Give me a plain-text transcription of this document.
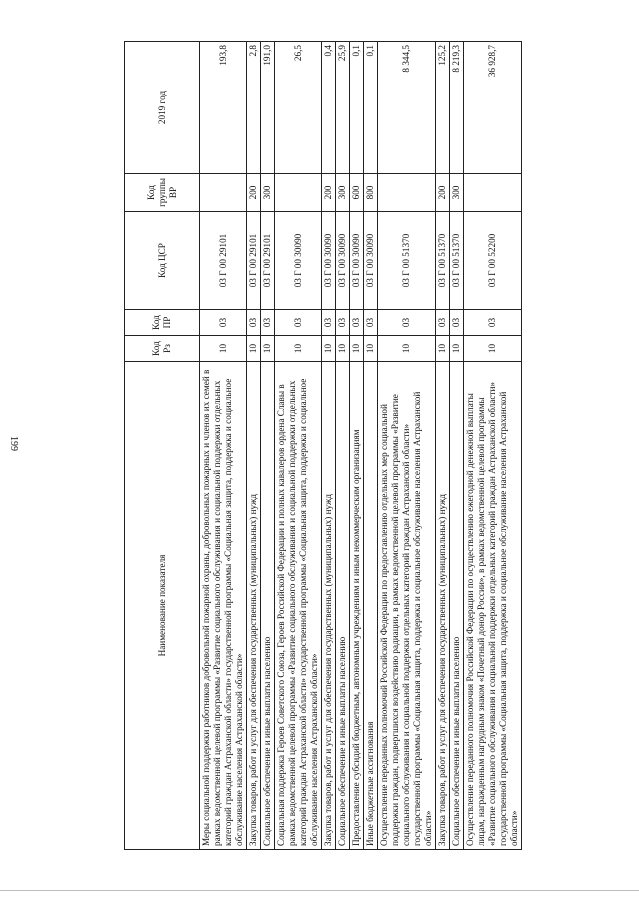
199
Наименование показателя	Код Рз	Код ПР	Код ЦСР	Код группы ВР	2019 год
Меры социальной поддержки работников добровольной пожарной охраны, добровольных пожарных и членов их семей в рамках ведомственной целевой программы «Развитие социального обслуживания и социальной поддержки отдельных категорий граждан Астраханской области» государственной программы «Социальная защита, поддержка и социальное обслуживание населения Астраханской области»	10	03	03 Г 00 29101		193,8
Закупка товаров, работ и услуг для обеспечения государственных (муниципальных) нужд	10	03	03 Г 00 29101	200	2,8
Социальное обеспечение и иные выплаты населению	10	03	03 Г 00 29101	300	191,0
Социальная поддержка Героев Советского Союза, Героев Российской Федерации и полных кавалеров ордена Славы в рамках ведомственной целевой программы «Развитие социального обслуживания и социальной поддержки отдельных категорий граждан Астраханской области» государственной программы «Социальная защита, поддержка и социальное обслуживание населения Астраханской области»	10	03	03 Г 00 30090		26,5
Закупка товаров, работ и услуг для обеспечения государственных (муниципальных) нужд	10	03	03 Г 00 30090	200	0,4
Социальное обеспечение и иные выплаты населению	10	03	03 Г 00 30090	300	25,9
Предоставление субсидий бюджетным, автономным учреждениям и иным некоммерческим организациям	10	03	03 Г 00 30090	600	0,1
Иные бюджетные ассигнования	10	03	03 Г 00 30090	800	0,1
Осуществление переданных полномочий Российской Федерации по предоставлению отдельных мер социальной поддержки граждан, подвергшихся воздействию радиации, в рамках ведомственной целевой программы «Развитие социального обслуживания и социальной поддержки отдельных категорий граждан Астраханской области» государственной программы «Социальная защита, поддержка и социальное обслуживание населения Астраханской области»	10	03	03 Г 00 51370		8 344,5
Закупка товаров, работ и услуг для обеспечения государственных (муниципальных) нужд	10	03	03 Г 00 51370	200	125,2
Социальное обеспечение и иные выплаты населению	10	03	03 Г 00 51370	300	8 219,3
Осуществление переданного полномочия Российской Федерации по осуществлению ежегодной денежной выплаты лицам, награжденным нагрудным знаком «Почетный донор России», в рамках ведомственной целевой программы «Развитие социального обслуживания и социальной поддержки отдельных категорий граждан Астраханской области» государственной программы «Социальная защита, поддержка и социальное обслуживание населения Астраханской области»	10	03	03 Г 00 52200		36 928,7
